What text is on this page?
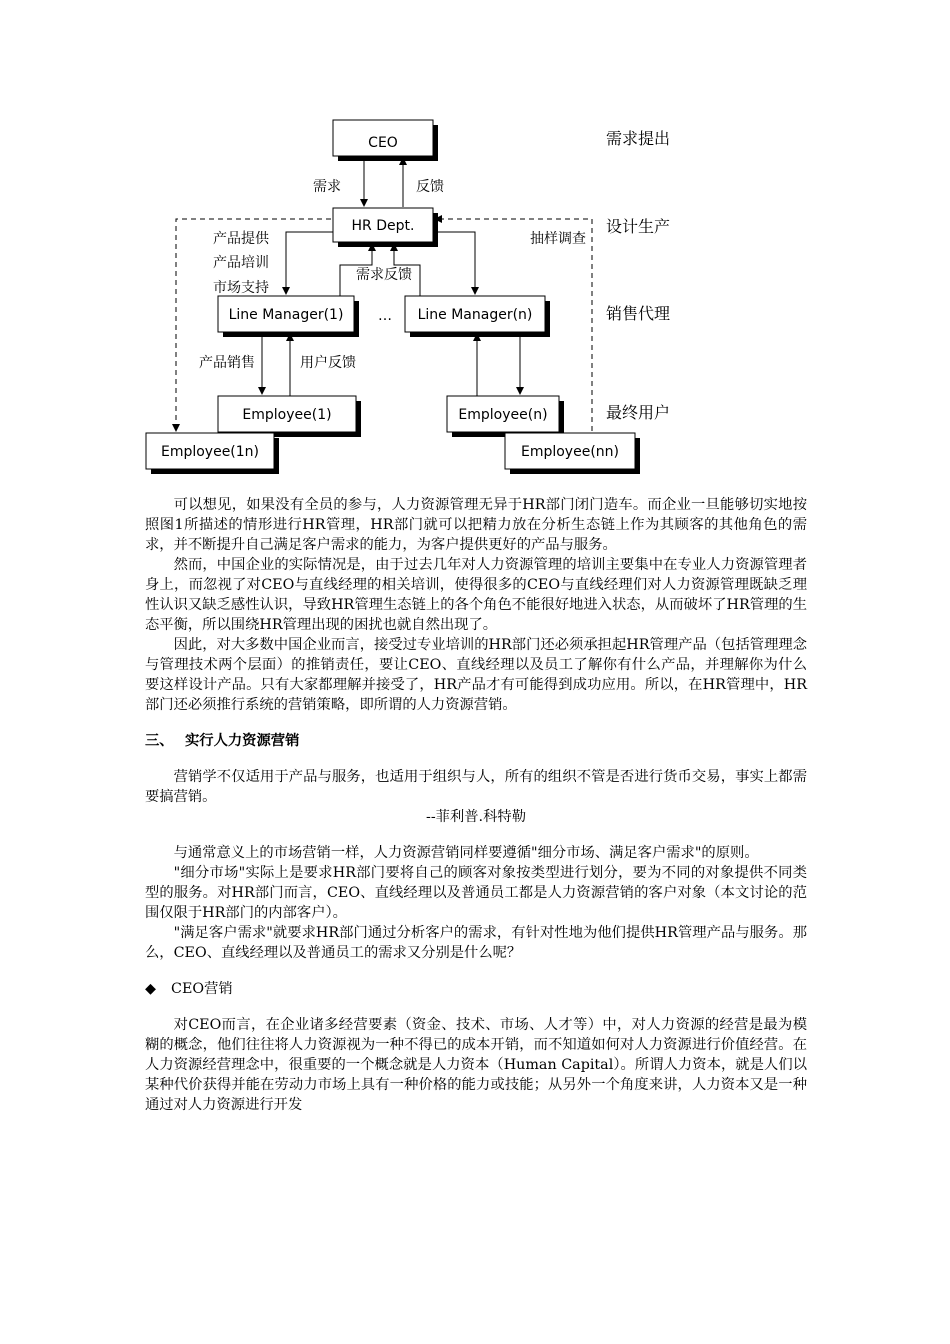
CEO
HR Dept.
Line Manager(1)	Line Manager(n)
Employee(1)	Employee(n)
Employee(1n)	Employee(nn)
需求	反馈
产品提供
产品培训
市场支持
需求反馈
抽样调查
…
产品销售	用户反馈
需求提出
设计生产
销售代理
最终用户

可以想见，如果没有全员的参与，人力资源管理无异于HR部门闭门造车。而企业一旦能够切实地按照图1所描述的情形进行HR管理，HR部门就可以把精力放在分析生态链上作为其顾客的其他角色的需求，并不断提升自己满足客户需求的能力，为客户提供更好的产品与服务。

然而，中国企业的实际情况是，由于过去几年对人力资源管理的培训主要集中在专业人力资源管理者身上，而忽视了对CEO与直线经理的相关培训，使得很多的CEO与直线经理们对人力资源管理既缺乏理性认识又缺乏感性认识，导致HR管理生态链上的各个角色不能很好地进入状态，从而破坏了HR管理的生态平衡，所以围绕HR管理出现的困扰也就自然出现了。

因此，对大多数中国企业而言，接受过专业培训的HR部门还必须承担起HR管理产品（包括管理理念与管理技术两个层面）的推销责任，要让CEO、直线经理以及员工了解你有什么产品，并理解你为什么要这样设计产品。只有大家都理解并接受了，HR产品才有可能得到成功应用。所以，在HR管理中，HR部门还必须推行系统的营销策略，即所谓的人力资源营销。

三、 实行人力资源营销

营销学不仅适用于产品与服务，也适用于组织与人，所有的组织不管是否进行货币交易，事实上都需要搞营销。

--菲利普.科特勒

与通常意义上的市场营销一样，人力资源营销同样要遵循"细分市场、满足客户需求"的原则。

"细分市场"实际上是要求HR部门要将自己的顾客对象按类型进行划分，要为不同的对象提供不同类型的服务。对HR部门而言，CEO、直线经理以及普通员工都是人力资源营销的客户对象（本文讨论的范围仅限于HR部门的内部客户）。

"满足客户需求"就要求HR部门通过分析客户的需求，有针对性地为他们提供HR管理产品与服务。那么，CEO、直线经理以及普通员工的需求又分别是什么呢？

◆ CEO营销

对CEO而言，在企业诸多经营要素（资金、技术、市场、人才等）中，对人力资源的经营是最为模糊的概念，他们往往将人力资源视为一种不得已的成本开销，而不知道如何对人力资源进行价值经营。在人力资源经营理念中，很重要的一个概念就是人力资本（Human Capital）。所谓人力资本，就是人们以某种代价获得并能在劳动力市场上具有一种价格的能力或技能；从另外一个角度来讲，人力资本又是一种通过对人力资源进行开发
